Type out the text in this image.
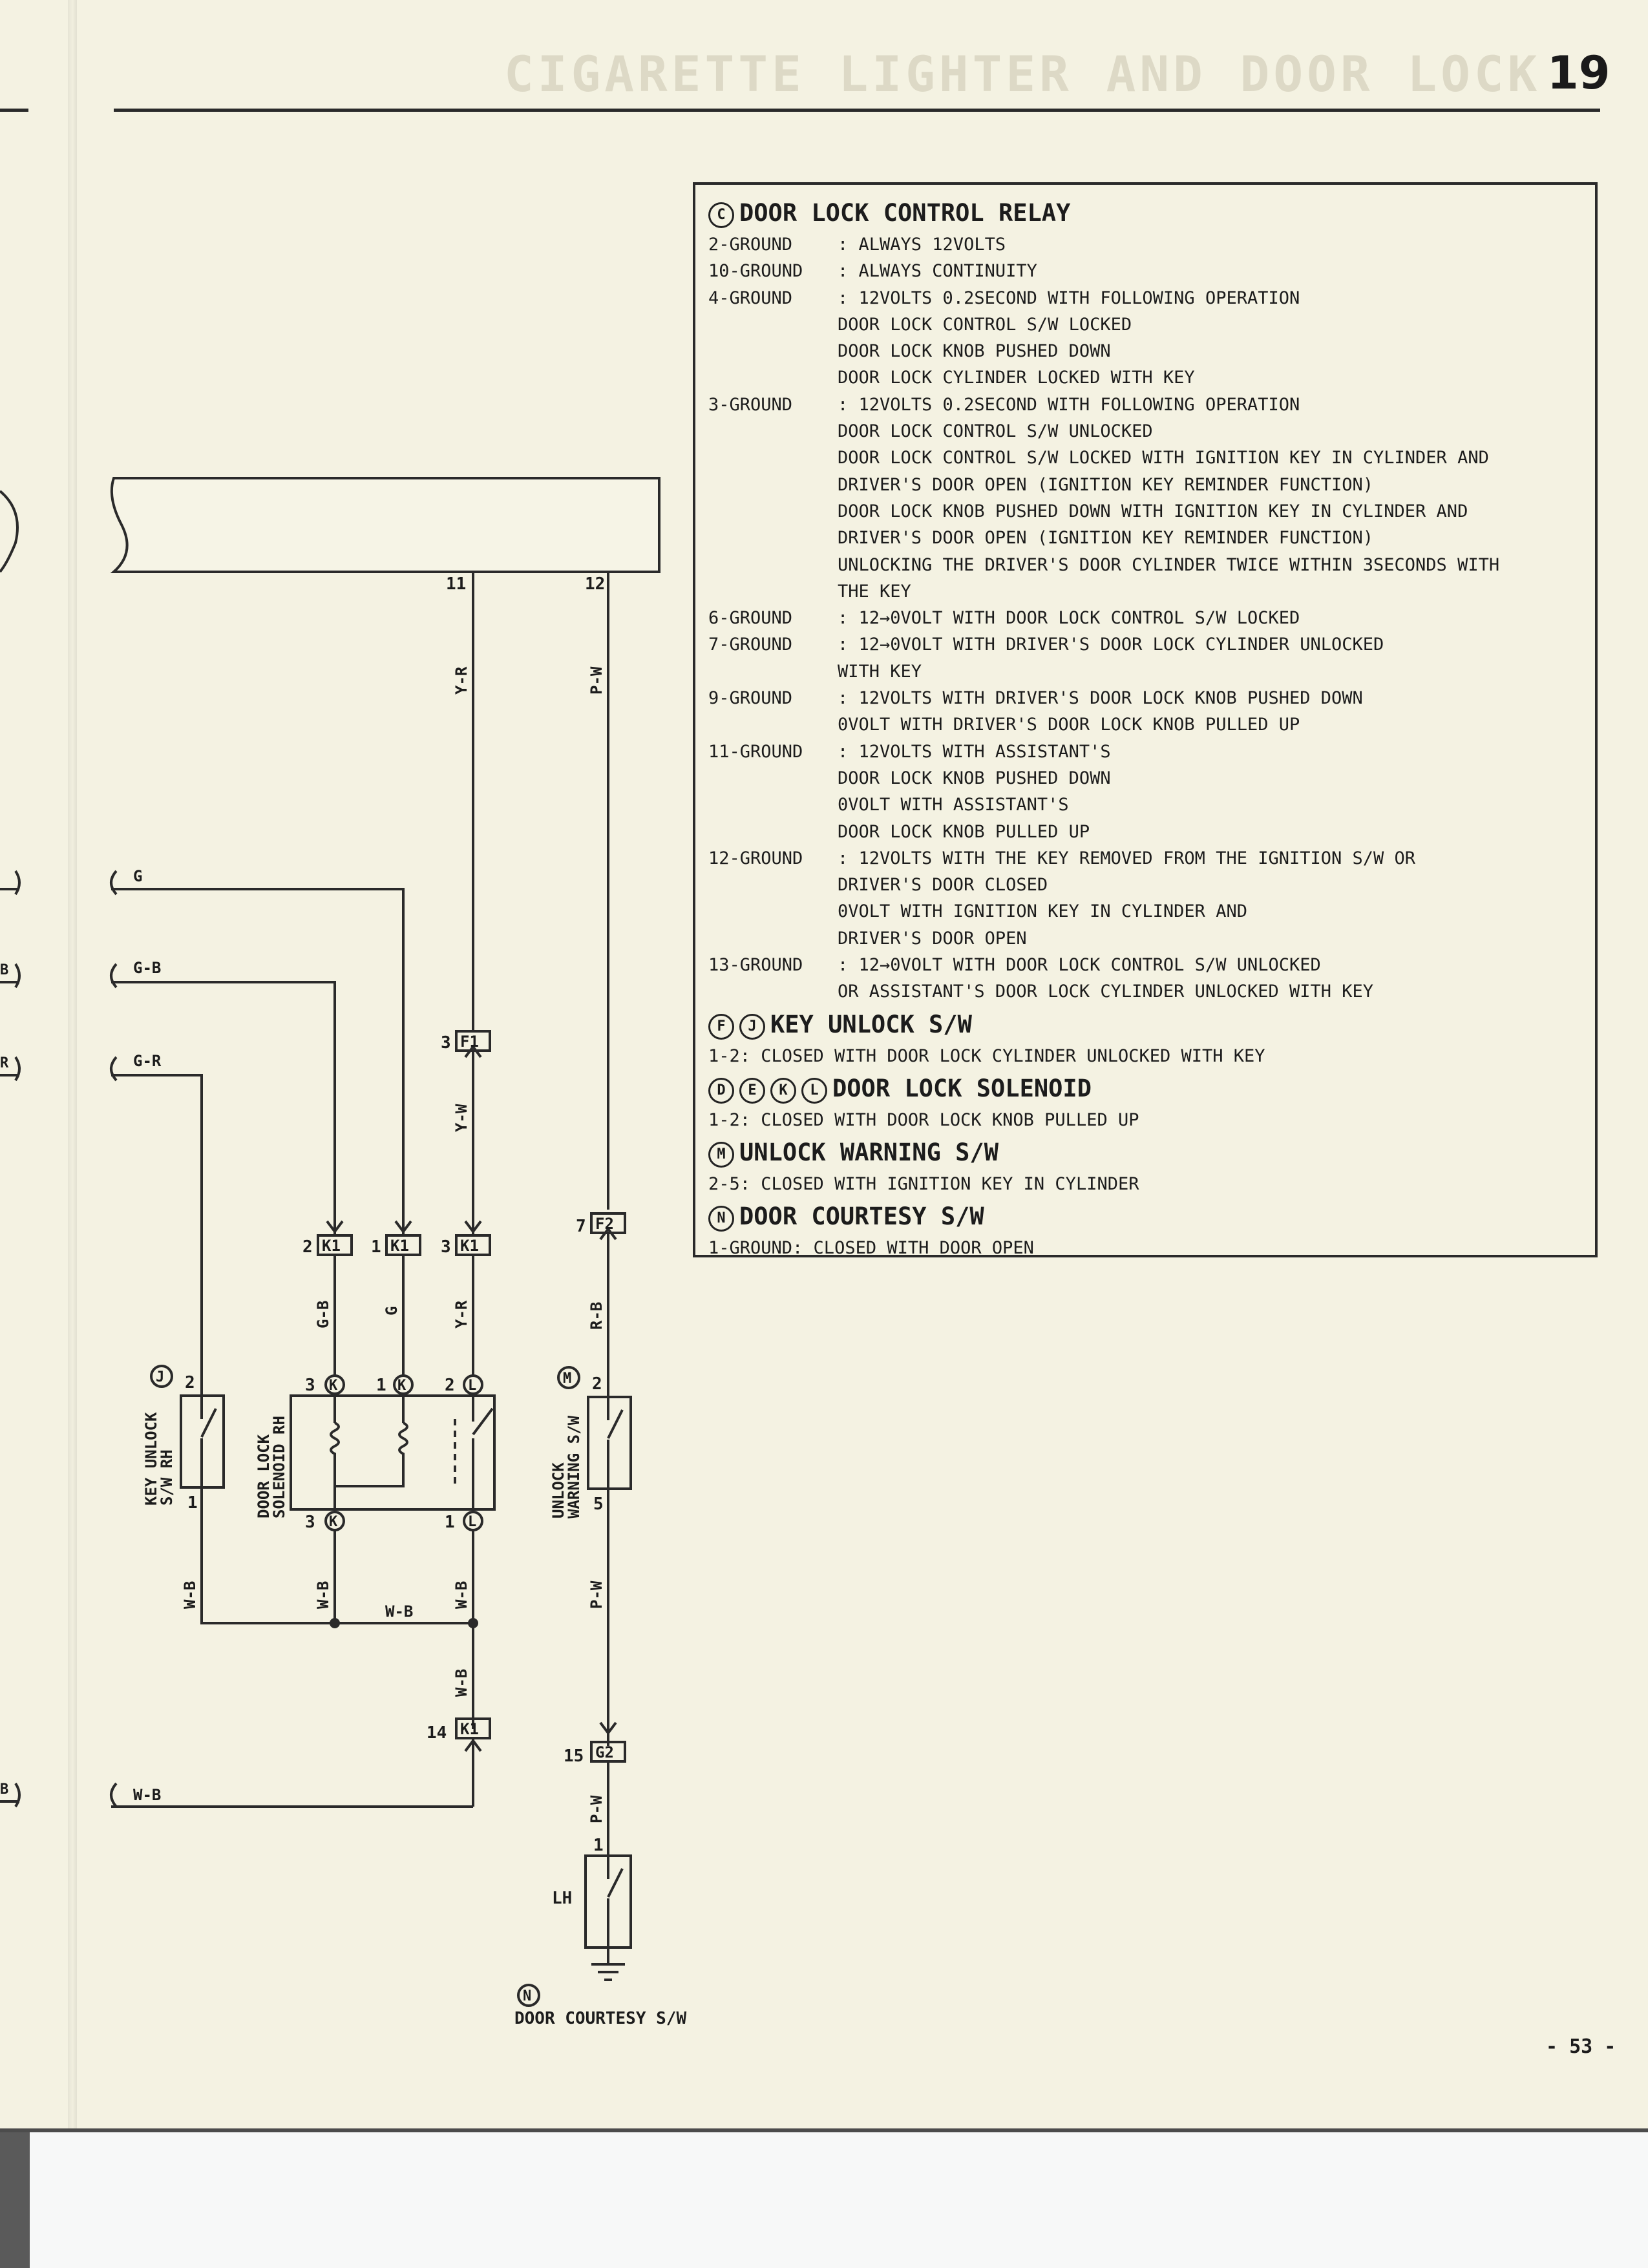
CIGARETTE LIGHTER AND DOOR LOCK 19
C DOOR LOCK CONTROL RELAY
2-GROUND	: ALWAYS 12VOLTS
10-GROUND	: ALWAYS CONTINUITY
4-GROUND	: 12VOLTS 0.2SECOND WITH FOLLOWING OPERATION
DOOR LOCK CONTROL S/W LOCKED
DOOR LOCK KNOB PUSHED DOWN
DOOR LOCK CYLINDER LOCKED WITH KEY
3-GROUND	: 12VOLTS 0.2SECOND WITH FOLLOWING OPERATION
DOOR LOCK CONTROL S/W UNLOCKED
DOOR LOCK CONTROL S/W LOCKED WITH IGNITION KEY IN CYLINDER AND
DRIVER'S DOOR OPEN (IGNITION KEY REMINDER FUNCTION)
DOOR LOCK KNOB PUSHED DOWN WITH IGNITION KEY IN CYLINDER AND
DRIVER'S DOOR OPEN (IGNITION KEY REMINDER FUNCTION)
UNLOCKING THE DRIVER'S DOOR CYLINDER TWICE WITHIN 3SECONDS WITH
THE KEY
6-GROUND	: 12→0VOLT WITH DOOR LOCK CONTROL S/W LOCKED
7-GROUND	: 12→0VOLT WITH DRIVER'S DOOR LOCK CYLINDER UNLOCKED
WITH KEY
9-GROUND	: 12VOLTS WITH DRIVER'S DOOR LOCK KNOB PUSHED DOWN
0VOLT WITH DRIVER'S DOOR LOCK KNOB PULLED UP
11-GROUND	: 12VOLTS WITH ASSISTANT'S
DOOR LOCK KNOB PUSHED DOWN
0VOLT WITH ASSISTANT'S
DOOR LOCK KNOB PULLED UP
12-GROUND	: 12VOLTS WITH THE KEY REMOVED FROM THE IGNITION S/W OR
DRIVER'S DOOR CLOSED
0VOLT WITH IGNITION KEY IN CYLINDER AND
DRIVER'S DOOR OPEN
13-GROUND	: 12→0VOLT WITH DOOR LOCK CONTROL S/W UNLOCKED
OR ASSISTANT'S DOOR LOCK CYLINDER UNLOCKED WITH KEY
F J KEY UNLOCK S/W
1-2: CLOSED WITH DOOR LOCK CYLINDER UNLOCKED WITH KEY
D E K L DOOR LOCK SOLENOID
1-2: CLOSED WITH DOOR LOCK KNOB PULLED UP
M UNLOCK WARNING S/W
2-5: CLOSED WITH IGNITION KEY IN CYLINDER
N DOOR COURTESY S/W
1-GROUND: CLOSED WITH DOOR OPEN
11	12
Y-R
F1
3
Y-W
P-W
F2
7
R-B
G
G-B
G-R
K1
2	K1
1	K1
3
G-B	G	Y-R
K
3	K
1	L
2
K
3	L
1
DOOR LOCK
SOLENOID RH
J 2
1
KEY UNLOCK
S/W RH
W-B	W-B
W-B
W-B
W-B
K1
14
W-B
M 2
5
UNLOCK
WARNING S/W
P-W
G2
15
P-W
1
LH
N
DOOR COURTESY S/W
B
R
B
- 53 -
